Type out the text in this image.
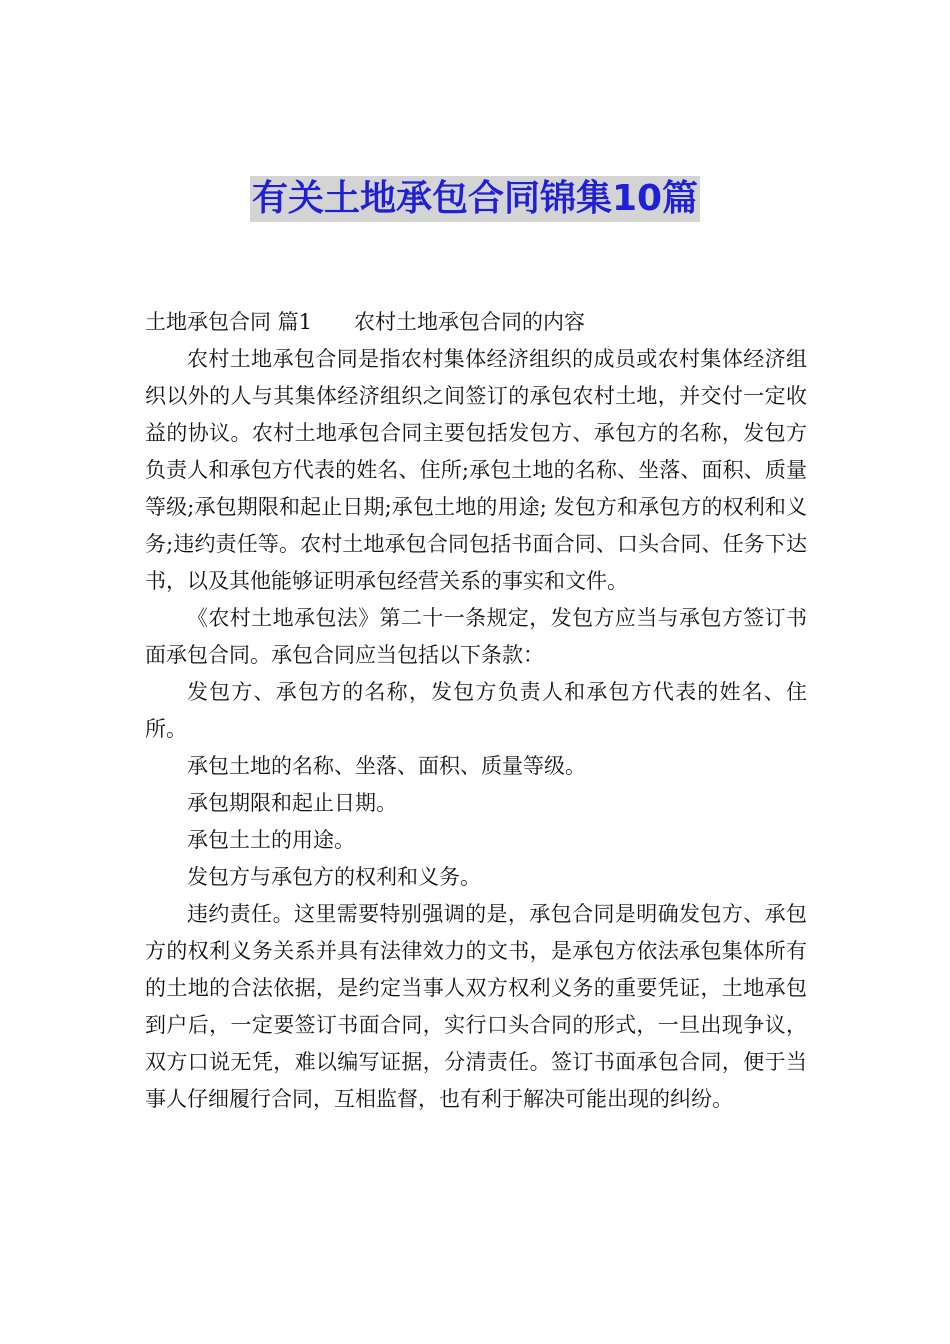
有关土地承包合同锦集10篇
土地承包合同 篇1 农村土地承包合同的内容

农村土地承包合同是指农村集体经济组织的成员或农村集体经济组织以外的人与其集体经济组织之间签订的承包农村土地，并交付一定收益的协议。农村土地承包合同主要包括发包方、承包方的名称，发包方负责人和承包方代表的姓名、住所;承包土地的名称、坐落、面积、质量等级;承包期限和起止日期;承包土地的用途; 发包方和承包方的权利和义务;违约责任等。农村土地承包合同包括书面合同、口头合同、任务下达书，以及其他能够证明承包经营关系的事实和文件。

《农村土地承包法》第二十一条规定，发包方应当与承包方签订书面承包合同。承包合同应当包括以下条款：

发包方、承包方的名称，发包方负责人和承包方代表的姓名、住所。

承包土地的名称、坐落、面积、质量等级。

承包期限和起止日期。

承包土土的用途。

发包方与承包方的权利和义务。

违约责任。这里需要特别强调的是，承包合同是明确发包方、承包方的权利义务关系并具有法律效力的文书，是承包方依法承包集体所有的土地的合法依据，是约定当事人双方权利义务的重要凭证，土地承包到户后，一定要签订书面合同，实行口头合同的形式，一旦出现争议，双方口说无凭，难以编写证据，分清责任。签订书面承包合同，便于当事人仔细履行合同，互相监督，也有利于解决可能出现的纠纷。
